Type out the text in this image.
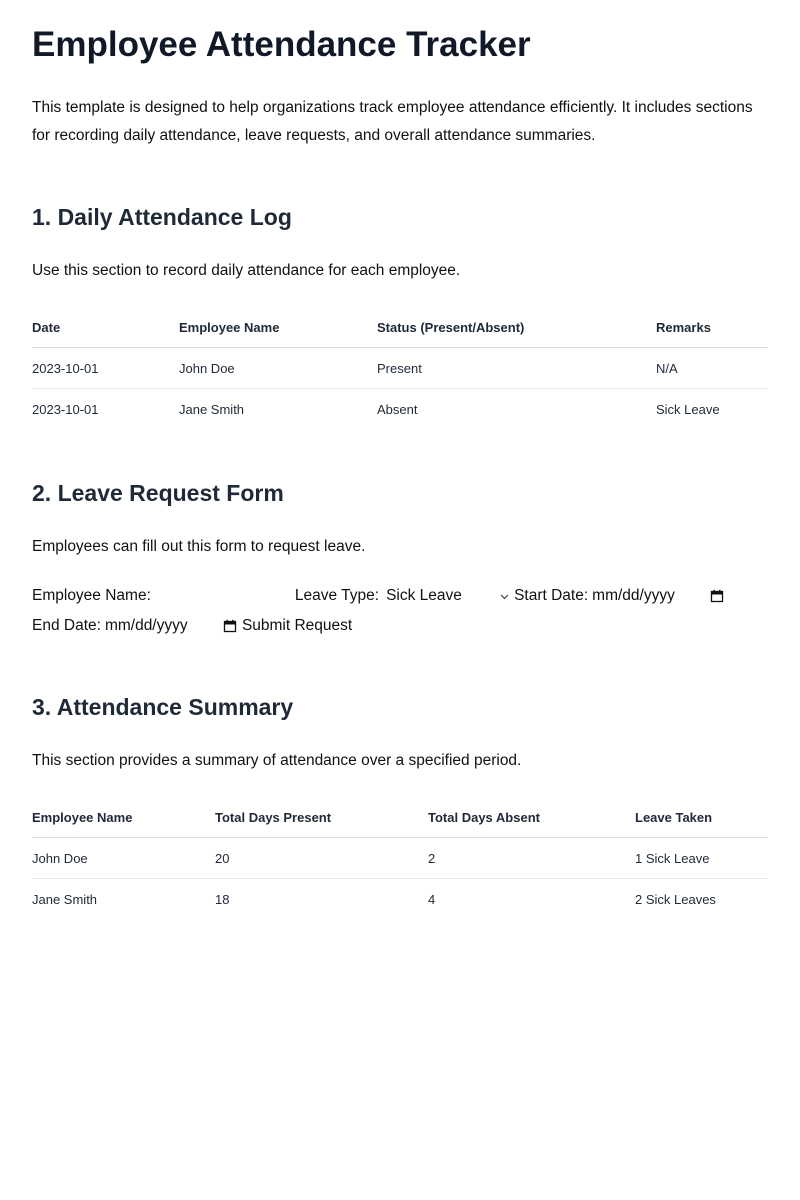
Employee Attendance Tracker

This template is designed to help organizations track employee attendance efficiently. It includes sections for recording daily attendance, leave requests, and overall attendance summaries.

1. Daily Attendance Log

Use this section to record daily attendance for each employee.

Date	Employee Name	Status (Present/Absent)	Remarks
2023-10-01	John Doe	Present	N/A
2023-10-01	Jane Smith	Absent	Sick Leave
2. Leave Request Form

Employees can fill out this form to request leave.

Employee Name:	Leave Type: Sick Leave	Start Date: mm/dd/yyyy
End Date: mm/dd/yyyy	Submit Request
3. Attendance Summary

This section provides a summary of attendance over a specified period.

Employee Name	Total Days Present	Total Days Absent	Leave Taken
John Doe	20	2	1 Sick Leave
Jane Smith	18	4	2 Sick Leaves
